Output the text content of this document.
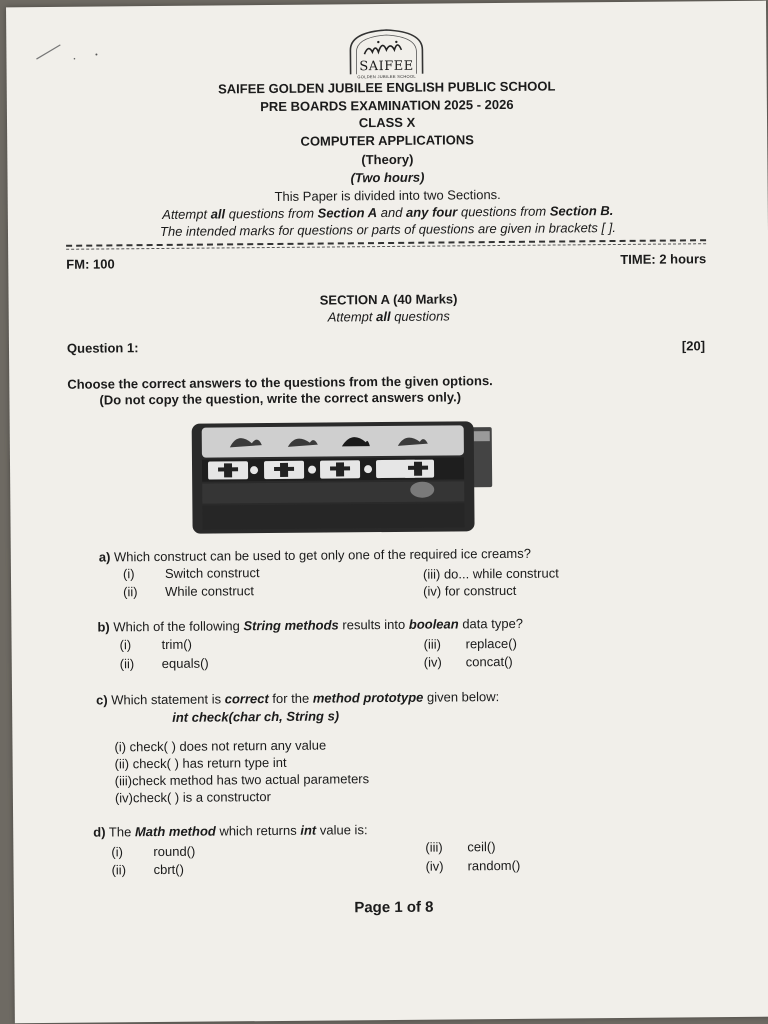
SAIFEE
GOLDEN JUBILEE SCHOOL
SAIFEE GOLDEN JUBILEE ENGLISH PUBLIC SCHOOL
PRE BOARDS EXAMINATION 2025 - 2026
CLASS X
COMPUTER APPLICATIONS
(Theory)
(Two hours)
This Paper is divided into two Sections.
Attempt all questions from Section A and any four questions from Section B.
The intended marks for questions or parts of questions are given in brackets [ ].
FM: 100	TIME: 2 hours
SECTION A (40 Marks)
Attempt all questions
Question 1:	[20]
Choose the correct answers to the questions from the given options.
(Do not copy the question, write the correct answers only.)
a) Which construct can be used to get only one of the required ice creams?
(i) Switch construct
(ii) While construct
(iii) do... while construct
(iv) for construct
b) Which of the following String methods results into boolean data type?
(i) trim()
(ii) equals()
(iii) replace()
(iv) concat()
c) Which statement is correct for the method prototype given below:
int check(char ch, String s)
(i) check( ) does not return any value
(ii) check( ) has return type int
(iii)check method has two actual parameters
(iv)check( ) is a constructor
d) The Math method which returns int value is:
(i) round()
(ii) cbrt()
(iii) ceil()
(iv) random()
Page 1 of 8
